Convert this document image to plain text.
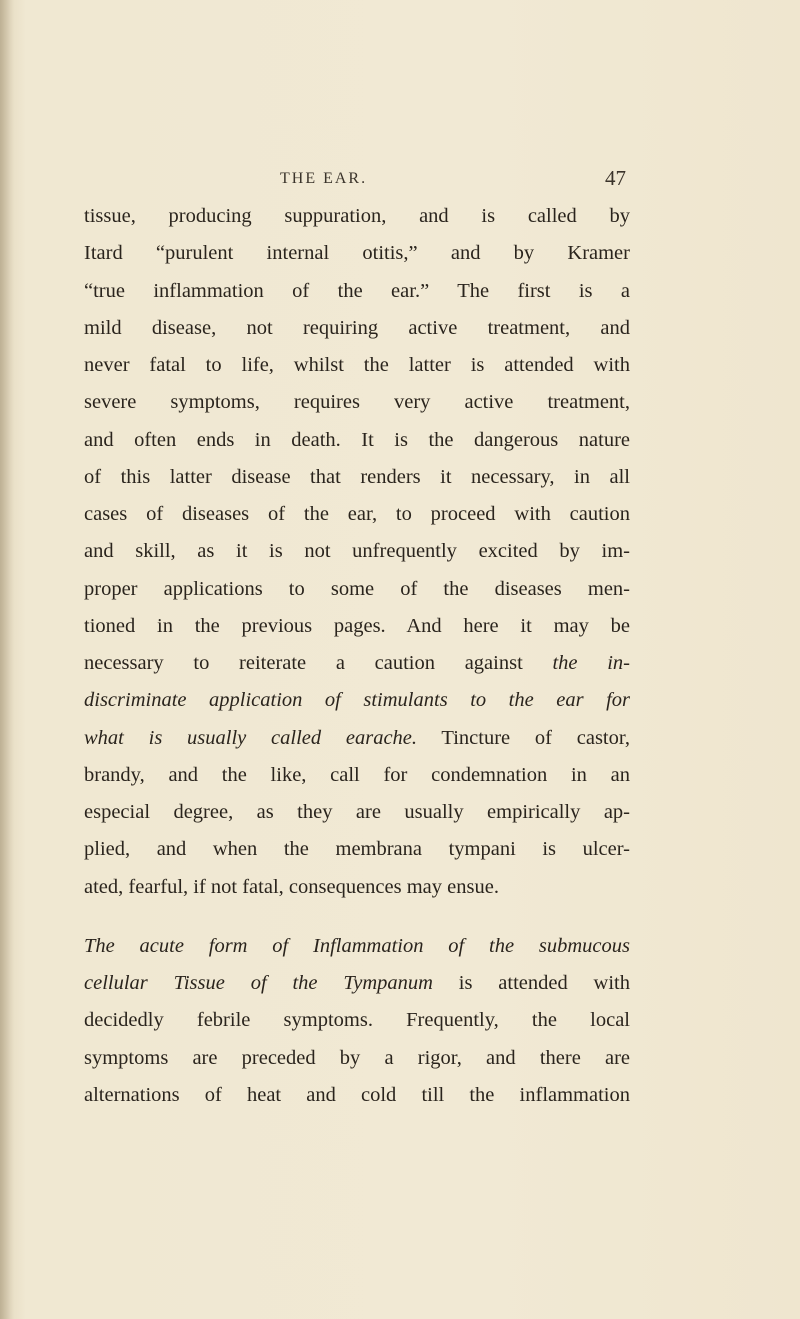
THE EAR.	47
tissue, producing suppuration, and is called by
Itard “purulent internal otitis,” and by Kramer
“true inflammation of the ear.” The first is a
mild disease, not requiring active treatment, and
never fatal to life, whilst the latter is attended with
severe symptoms, requires very active treatment,
and often ends in death. It is the dangerous nature
of this latter disease that renders it necessary, in all
cases of diseases of the ear, to proceed with caution
and skill, as it is not unfrequently excited by im-
proper applications to some of the diseases men-
tioned in the previous pages. And here it may be
necessary to reiterate a caution against the in-
discriminate application of stimulants to the ear for
what is usually called earache. Tincture of castor,
brandy, and the like, call for condemnation in an
especial degree, as they are usually empirically ap-
plied, and when the membrana tympani is ulcer-
ated, fearful, if not fatal, consequences may ensue.
The acute form of Inflammation of the submucous
cellular Tissue of the Tympanum is attended with
decidedly febrile symptoms. Frequently, the local
symptoms are preceded by a rigor, and there are
alternations of heat and cold till the inflammation
